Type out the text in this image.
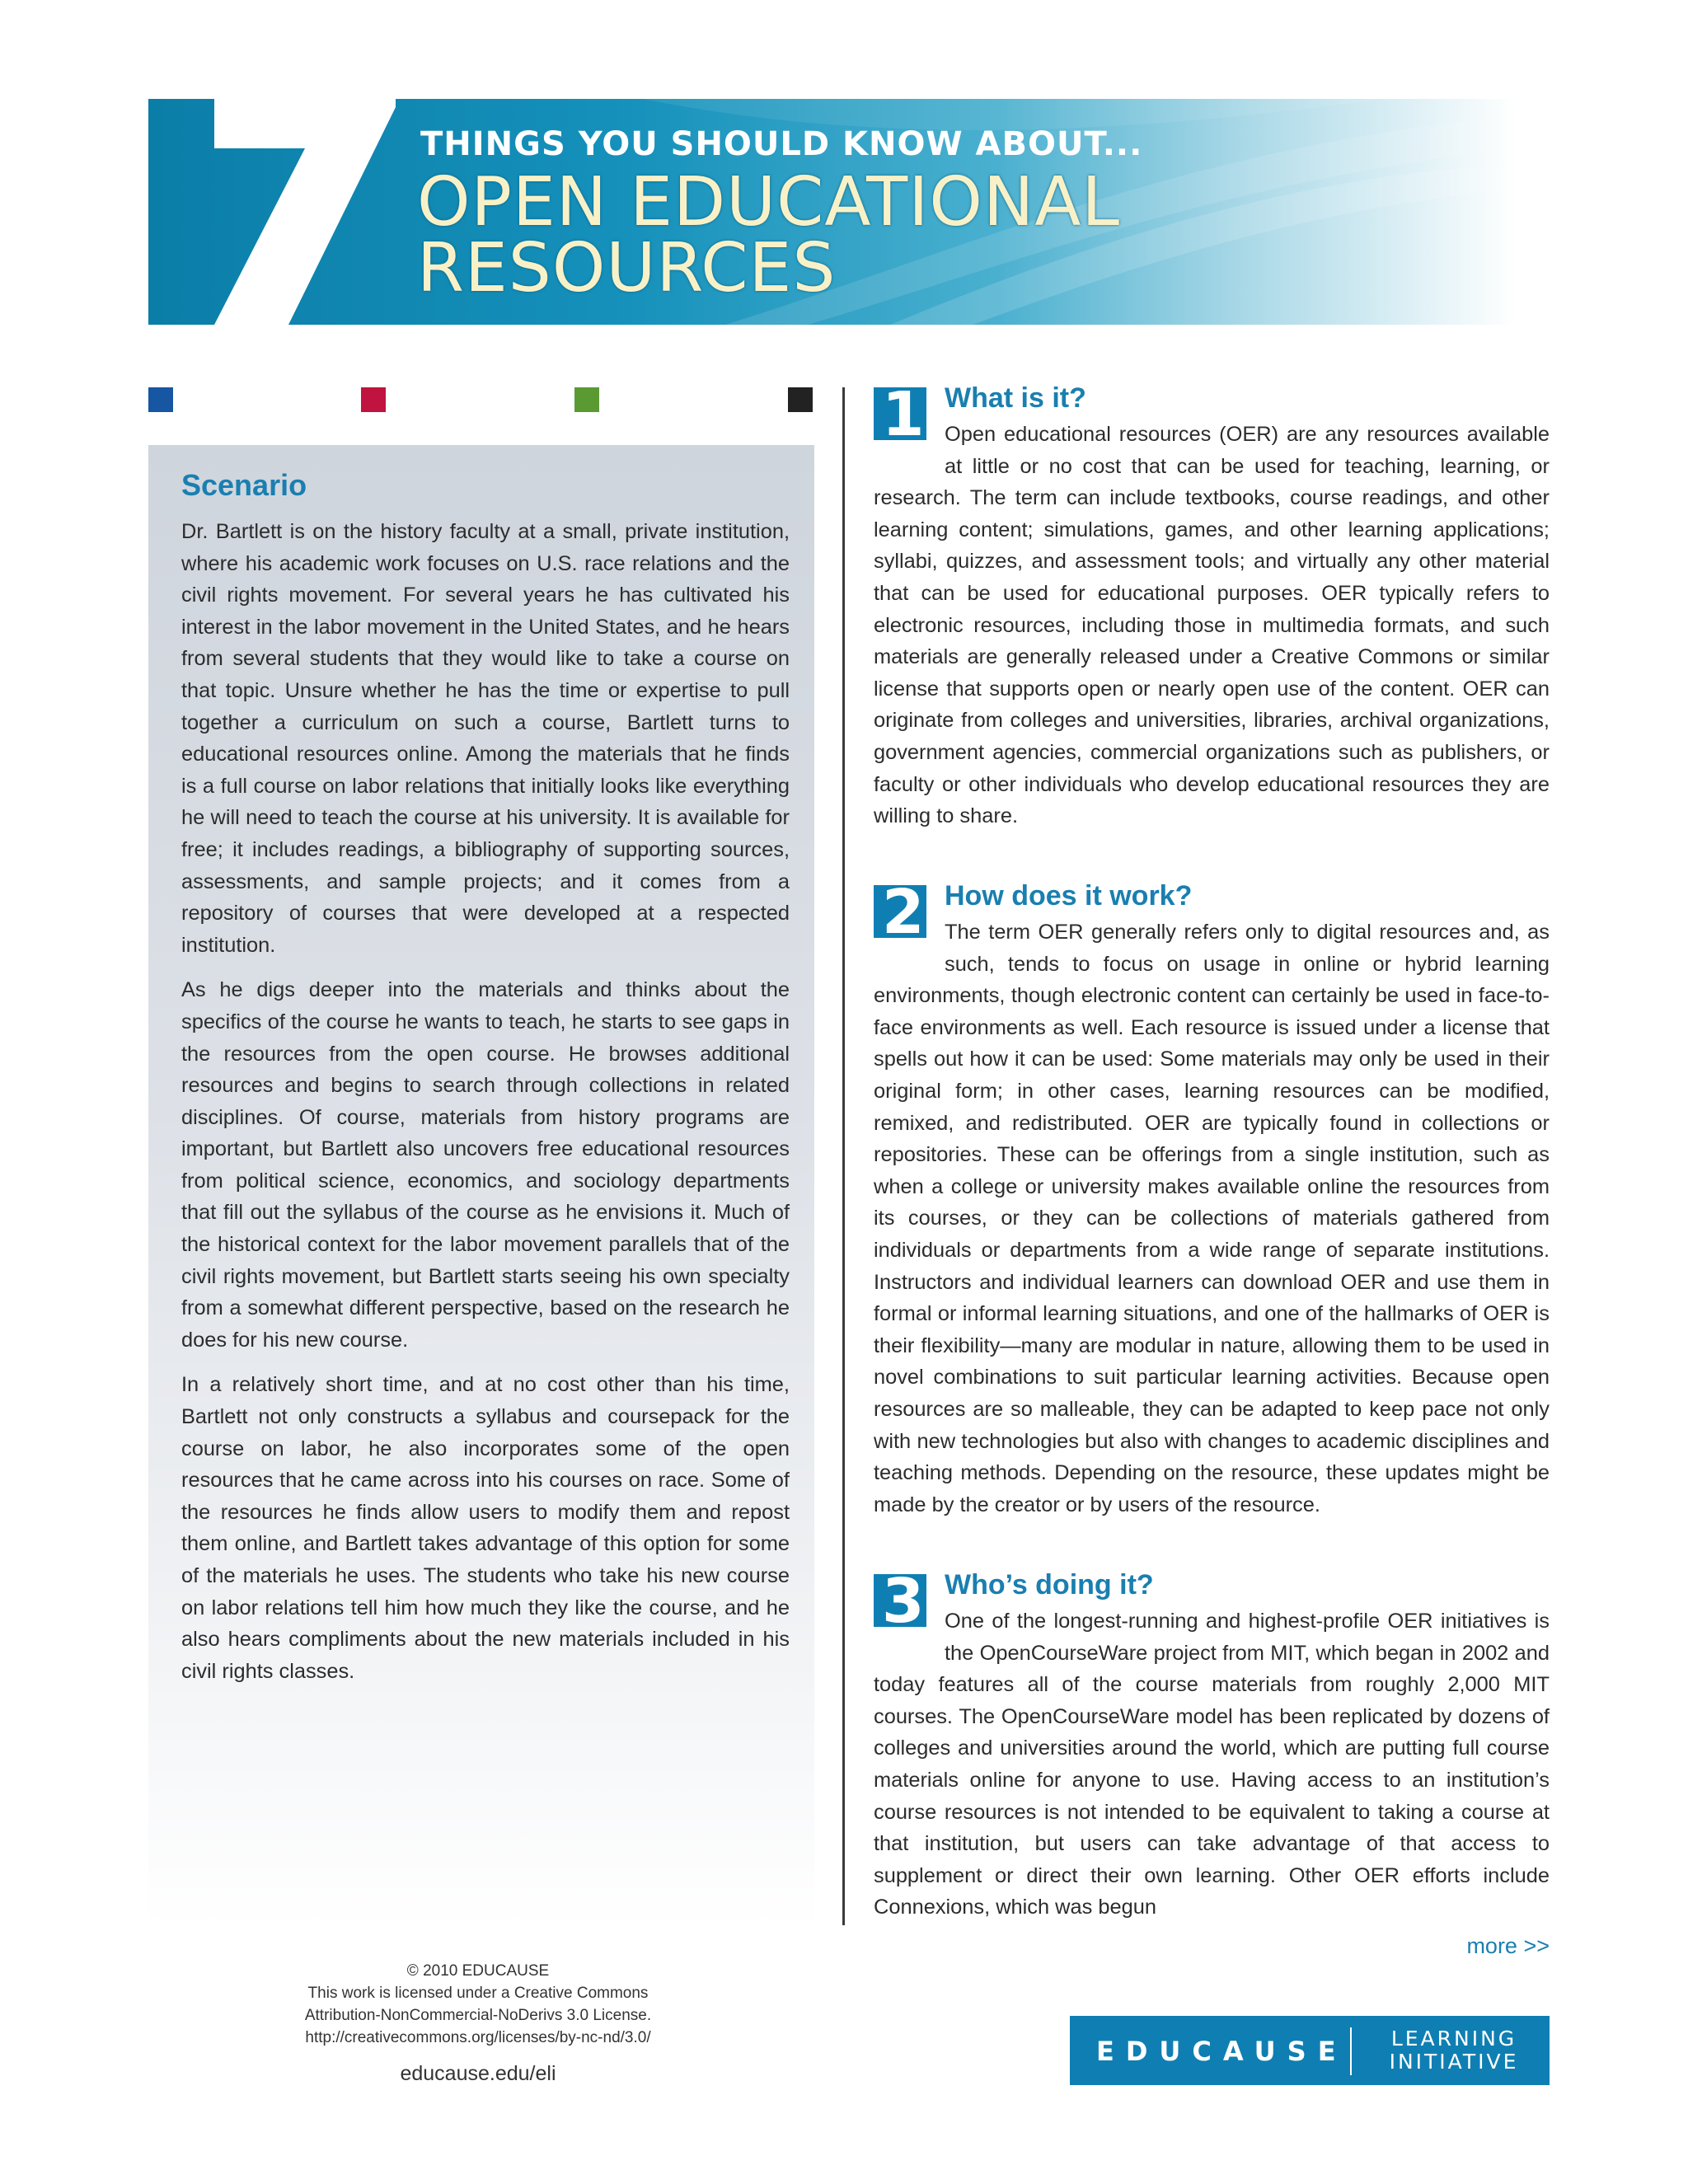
THINGS YOU SHOULD KNOW ABOUT...
OPEN EDUCATIONAL
RESOURCES
Scenario

Dr. Bartlett is on the history faculty at a small, private institution, where his academic work focuses on U.S. race relations and the civil rights movement. For several years he has cultivated his interest in the labor movement in the United States, and he hears from several students that they would like to take a course on that topic. Unsure whether he has the time or expertise to pull together a curriculum on such a course, Bartlett turns to educational resources online. Among the materials that he finds is a full course on labor relations that initially looks like everything he will need to teach the course at his university. It is available for free; it includes readings, a bibliography of supporting sources, assessments, and sample projects; and it comes from a repository of courses that were developed at a respected institution.

As he digs deeper into the materials and thinks about the specifics of the course he wants to teach, he starts to see gaps in the resources from the open course. He browses additional resources and begins to search through collections in related disciplines. Of course, materials from history programs are important, but Bartlett also uncovers free educational resources from political science, economics, and sociology departments that fill out the syllabus of the course as he envisions it. Much of the historical context for the labor movement parallels that of the civil rights movement, but Bartlett starts seeing his own specialty from a somewhat different perspective, based on the research he does for his new course.

In a relatively short time, and at no cost other than his time, Bartlett not only constructs a syllabus and coursepack for the course on labor, he also incorporates some of the open resources that he came across into his courses on race. Some of the resources he finds allow users to modify them and repost them online, and Bartlett takes advantage of this option for some of the materials he uses. The students who take his new course on labor relations tell him how much they like the course, and he also hears compliments about the new materials included in his civil rights classes.

1 What is it?
Open educational resources (OER) are any resources available at little or no cost that can be used for teaching, learning, or research. The term can include textbooks, course readings, and other learning content; simulations, games, and other learning applications; syllabi, quizzes, and assessment tools; and virtually any other material that can be used for educational purposes. OER typically refers to electronic resources, including those in multimedia formats, and such materials are generally released under a Creative Commons or similar license that supports open or nearly open use of the content. OER can originate from colleges and universities, libraries, archival organizations, government agencies, commercial organizations such as publishers, or faculty or other individuals who develop educational resources they are willing to share.
2 How does it work?
The term OER generally refers only to digital resources and, as such, tends to focus on usage in online or hybrid learning environments, though electronic content can certainly be used in face-to-face environments as well. Each resource is issued under a license that spells out how it can be used: Some materials may only be used in their original form; in other cases, learning resources can be modified, remixed, and redistributed. OER are typically found in collections or repositories. These can be offerings from a single institution, such as when a college or university makes available online the resources from its courses, or they can be collections of materials gathered from individuals or departments from a wide range of separate institutions. Instructors and individual learners can download OER and use them in formal or informal learning situations, and one of the hallmarks of OER is their flexibility—many are modular in nature, allowing them to be used in novel combinations to suit particular learning activities. Because open resources are so malleable, they can be adapted to keep pace not only with new technologies but also with changes to academic disciplines and teaching methods. Depending on the resource, these updates might be made by the creator or by users of the resource.
3 Who’s doing it?
One of the longest-running and highest-profile OER initiatives is the OpenCourseWare project from MIT, which began in 2002 and today features all of the course materials from roughly 2,000 MIT courses. The OpenCourseWare model has been replicated by dozens of colleges and universities around the world, which are putting full course materials online for anyone to use. Having access to an institution’s course resources is not intended to be equivalent to taking a course at that institution, but users can take advantage of that access to supplement or direct their own learning. Other OER efforts include Connexions, which was begun
more >>
© 2010 EDUCAUSE
This work is licensed under a Creative Commons
Attribution-NonCommercial-NoDerivs 3.0 License.
http://creativecommons.org/licenses/by-nc-nd/3.0/
educause.edu/eli
EDUCAUSE	LEARNING
INITIATIVE
